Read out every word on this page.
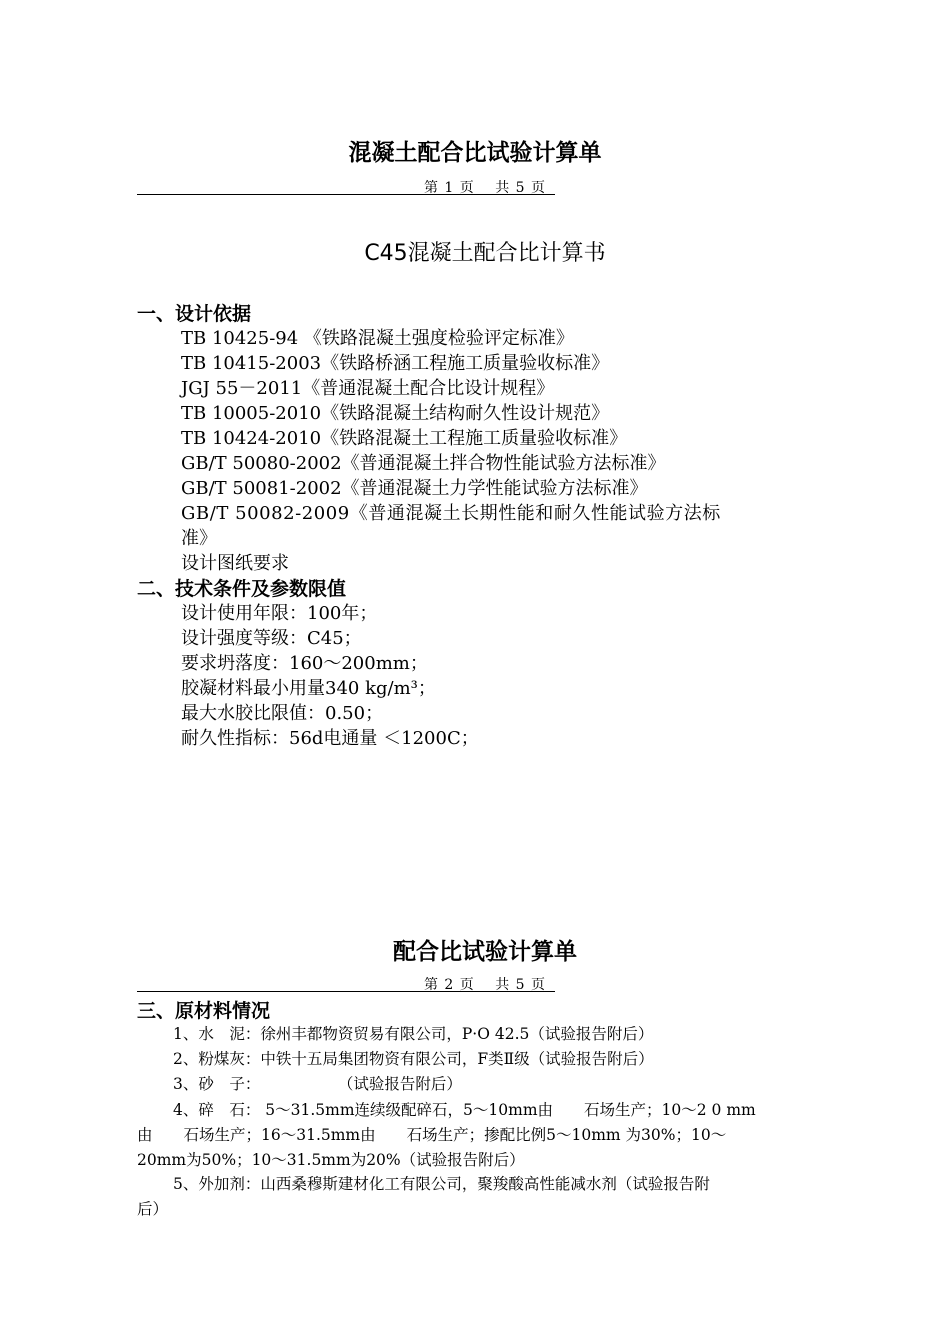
混凝土配合比试验计算单
第 1 页　 共 5 页
C45混凝土配合比计算书
一、设计依据
TB 10425-94 《铁路混凝土强度检验评定标准》
TB 10415-2003《铁路桥涵工程施工质量验收标准》
JGJ 55－2011《普通混凝土配合比设计规程》
TB 10005-2010《铁路混凝土结构耐久性设计规范》
TB 10424-2010《铁路混凝土工程施工质量验收标准》
GB/T 50080-2002《普通混凝土拌合物性能试验方法标准》
GB/T 50081-2002《普通混凝土力学性能试验方法标准》
GB/T 50082-2009《普通混凝土长期性能和耐久性能试验方法标
准》
设计图纸要求
二、技术条件及参数限值
设计使用年限：100年；
设计强度等级：C45；
要求坍落度：160～200mm；
胶凝材料最小用量340 kg/m³；
最大水胶比限值：0.50；
耐久性指标：56d电通量 ＜1200C；
配合比试验计算单
第 2 页　 共 5 页
三、原材料情况
1、水　泥：徐州丰都物资贸易有限公司，P·O 42.5（试验报告附后）
2、粉煤灰：中铁十五局集团物资有限公司，F类Ⅱ级（试验报告附后）
3、砂　子：　　　　　　（试验报告附后）
4、碎　石： 5～31.5mm连续级配碎石，5～10mm由　　石场生产；10～2 0 mm
由　　石场生产；16～31.5mm由　　石场生产；掺配比例5～10mm 为30%；10～
20mm为50%；10～31.5mm为20%（试验报告附后）
5、外加剂：山西桑穆斯建材化工有限公司，聚羧酸高性能减水剂（试验报告附
后）
